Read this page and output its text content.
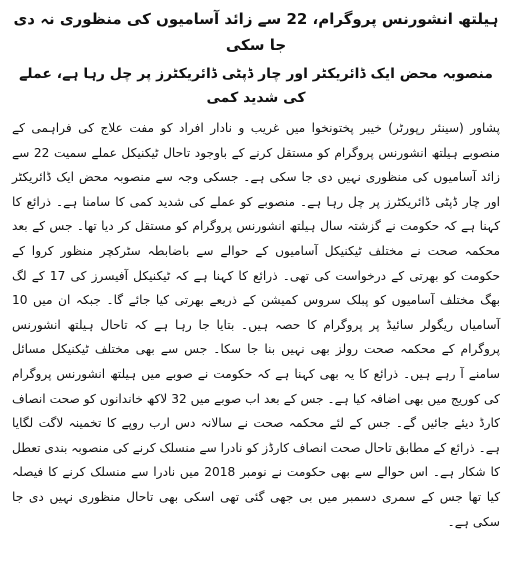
ہیلتھ انشورنس پروگرام، 22 سے زائد آسامیوں کی منظوری نہ دی جا سکی
منصوبہ محض ایک ڈائریکٹر اور چار ڈپٹی ڈائریکٹرز پر چل رہا ہے، عملے کی شدید کمی

پشاور (سینئر رپورٹر) خیبر پختونخوا میں غریب و نادار افراد کو مفت علاج کی فراہمی کے منصوبے ہیلتھ انشورنس پروگرام کو مستقل کرنے کے باوجود تاحال ٹیکنیکل عملے سمیت 22 سے زائد آسامیوں کی منظوری نہیں دی جا سکی ہے۔ جسکی وجہ سے منصوبہ محض ایک ڈائریکٹر اور چار ڈپٹی ڈائریکٹرز پر چل رہا ہے۔ منصوبے کو عملے کی شدید کمی کا سامنا ہے۔ ذرائع کا کہنا ہے کہ حکومت نے گزشتہ سال ہیلتھ انشورنس پروگرام کو مستقل کر دیا تھا۔ جس کے بعد محکمہ صحت نے مختلف ٹیکنیکل آسامیوں کے حوالے سے باضابطہ سٹرکچر منظور کروا کے حکومت کو بھرتی کے درخواست کی تھی۔ ذرائع کا کہنا ہے کہ ٹیکنیکل آفیسرز کی 17 کے لگ بھگ مختلف آسامیوں کو پبلک سروس کمیشن کے ذریعے بھرتی کیا جائے گا۔ جبکہ ان میں 10 آسامیاں ریگولر سائیڈ پر پروگرام کا حصہ ہیں۔ بتایا جا رہا ہے کہ تاحال ہیلتھ انشورنس پروگرام کے محکمہ صحت رولز بھی نہیں بنا جا سکا۔ جس سے بھی مختلف ٹیکنیکل مسائل سامنے آ رہے ہیں۔ ذرائع کا یہ بھی کہنا ہے کہ حکومت نے صوبے میں ہیلتھ انشورنس پروگرام کی کوریج میں بھی اضافہ کیا ہے۔ جس کے بعد اب صوبے میں 32 لاکھ خاندانوں کو صحت انصاف کارڈ دیئے جائیں گے۔ جس کے لئے محکمہ صحت نے سالانہ دس ارب روپے کا تخمینہ لاگت لگایا ہے۔ ذرائع کے مطابق تاحال صحت انصاف کارڈز کو نادرا سے منسلک کرنے کی منصوبہ بندی تعطل کا شکار ہے۔ اس حوالے سے بھی حکومت نے نومبر 2018 میں نادرا سے منسلک کرنے کا فیصلہ کیا تھا جس کے سمری دسمبر میں بی جھی گئی تھی اسکی بھی تاحال منظوری نہیں دی جا سکی ہے۔
